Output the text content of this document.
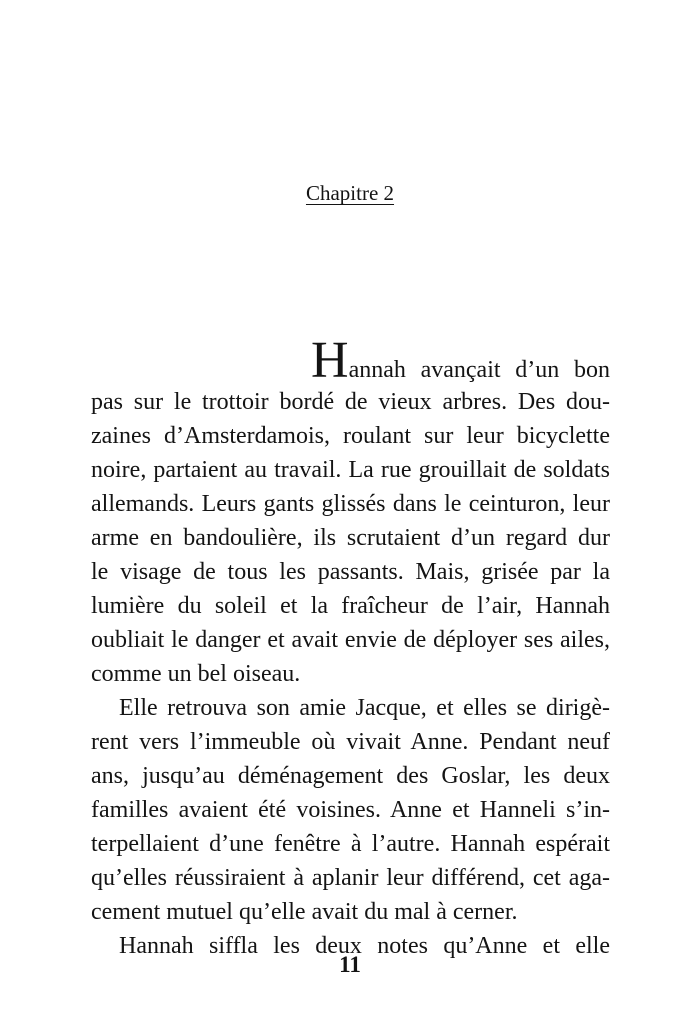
Chapitre 2
Hannah avançait d’un bon
pas sur le trottoir bordé de vieux arbres. Des dou-
zaines d’Amsterdamois, roulant sur leur bicyclette
noire, partaient au travail. La rue grouillait de soldats
allemands. Leurs gants glissés dans le ceinturon, leur
arme en bandoulière, ils scrutaient d’un regard dur
le visage de tous les passants. Mais, grisée par la
lumière du soleil et la fraîcheur de l’air, Hannah
oubliait le danger et avait envie de déployer ses ailes,
comme un bel oiseau.
Elle retrouva son amie Jacque, et elles se dirigè-
rent vers l’immeuble où vivait Anne. Pendant neuf
ans, jusqu’au déménagement des Goslar, les deux
familles avaient été voisines. Anne et Hanneli s’in-
terpellaient d’une fenêtre à l’autre. Hannah espérait
qu’elles réussiraient à aplanir leur différend, cet aga-
cement mutuel qu’elle avait du mal à cerner.
Hannah siffla les deux notes qu’Anne et elle
11
